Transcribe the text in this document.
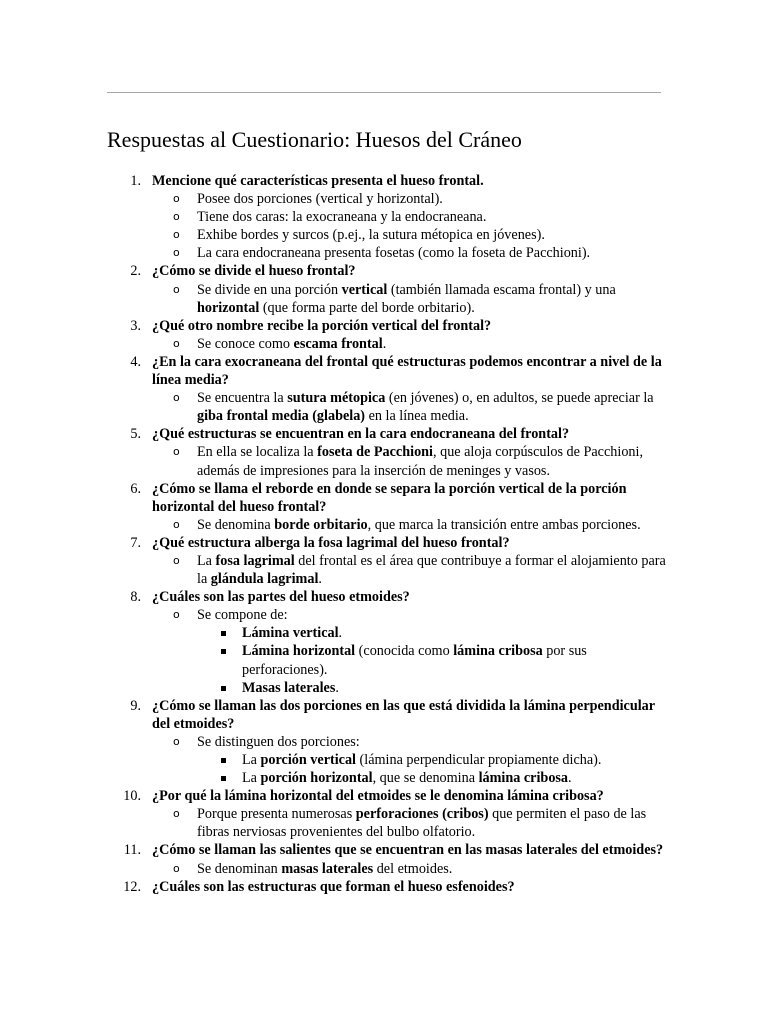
Respuestas al Cuestionario: Huesos del Cráneo
1. Mencione qué características presenta el hueso frontal.
o Posee dos porciones (vertical y horizontal).
o Tiene dos caras: la exocraneana y la endocraneana.
o Exhibe bordes y surcos (p.ej., la sutura métopica en jóvenes).
o La cara endocraneana presenta fosetas (como la foseta de Pacchioni).
2. ¿Cómo se divide el hueso frontal?
o Se divide en una porción vertical (también llamada escama frontal) y una horizontal (que forma parte del borde orbitario).
3. ¿Qué otro nombre recibe la porción vertical del frontal?
o Se conoce como escama frontal.
4. ¿En la cara exocraneana del frontal qué estructuras podemos encontrar a nivel de la línea media?
o Se encuentra la sutura métopica (en jóvenes) o, en adultos, se puede apreciar la giba frontal media (glabela) en la línea media.
5. ¿Qué estructuras se encuentran en la cara endocraneana del frontal?
o En ella se localiza la foseta de Pacchioni, que aloja corpúsculos de Pacchioni, además de impresiones para la inserción de meninges y vasos.
6. ¿Cómo se llama el reborde en donde se separa la porción vertical de la porción horizontal del hueso frontal?
o Se denomina borde orbitario, que marca la transición entre ambas porciones.
7. ¿Qué estructura alberga la fosa lagrimal del hueso frontal?
o La fosa lagrimal del frontal es el área que contribuye a formar el alojamiento para la glándula lagrimal.
8. ¿Cuáles son las partes del hueso etmoides?
o Se compone de:
Lámina vertical.
Lámina horizontal (conocida como lámina cribosa por sus perforaciones).
Masas laterales.
9. ¿Cómo se llaman las dos porciones en las que está dividida la lámina perpendicular del etmoides?
o Se distinguen dos porciones:
La porción vertical (lámina perpendicular propiamente dicha).
La porción horizontal, que se denomina lámina cribosa.
10. ¿Por qué la lámina horizontal del etmoides se le denomina lámina cribosa?
o Porque presenta numerosas perforaciones (cribos) que permiten el paso de las fibras nerviosas provenientes del bulbo olfatorio.
11. ¿Cómo se llaman las salientes que se encuentran en las masas laterales del etmoides?
o Se denominan masas laterales del etmoides.
12. ¿Cuáles son las estructuras que forman el hueso esfenoides?
